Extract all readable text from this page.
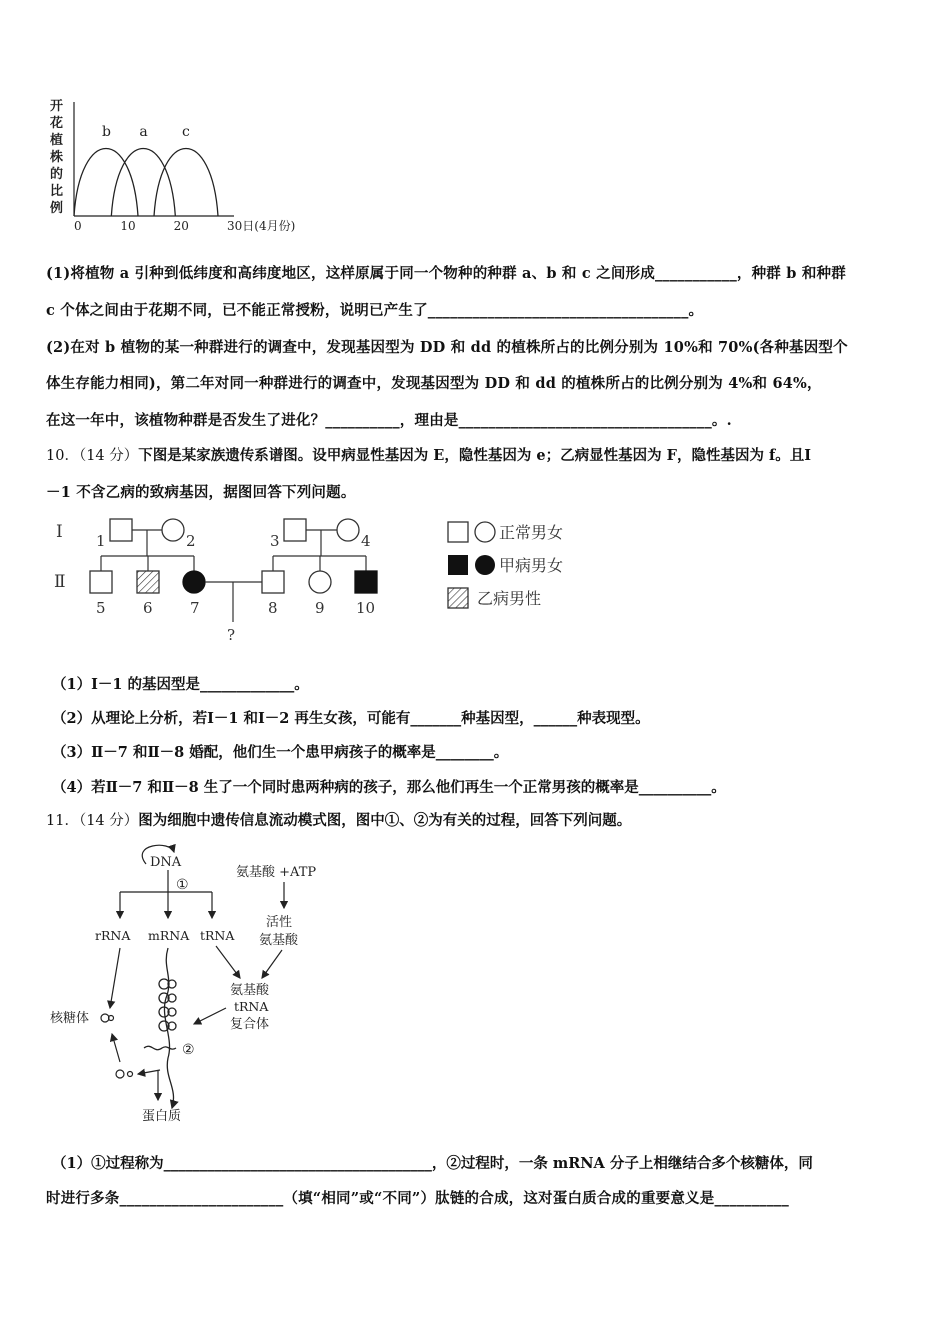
开
花
植
株
的
比
例
b a c
0	10	20	30日(4月份)
(1)将植物 a 引种到低纬度和高纬度地区，这样原属于同一个物种的种群 a、b 和 c 之间形成___________，种群 b 和种群
c 个体之间由于花期不同，已不能正常授粉，说明已产生了___________________________________。
(2)在对 b 植物的某一种群进行的调查中，发现基因型为 DD 和 dd 的植株所占的比例分别为 10%和 70%(各种基因型个
体生存能力相同)，第二年对同一种群进行的调查中，发现基因型为 DD 和 dd 的植株所占的比例分别为 4%和 64%，
在这一年中，该植物种群是否发生了进化？__________，理由是__________________________________。.
10．（14 分）下图是某家族遗传系谱图。设甲病显性基因为 E，隐性基因为 e；乙病显性基因为 F，隐性基因为 f。且Ⅰ
－1 不含乙病的致病基因，据图回答下列问题。
Ⅰ
Ⅱ
1	2	3	4
5 6 7	8 9 10
?
正常男女
甲病男女
乙病男性
（1）Ⅰ－1 的基因型是_____________。
（2）从理论上分析，若Ⅰ－1 和Ⅰ－2 再生女孩，可能有_______种基因型，______种表现型。
（3）Ⅱ－7 和Ⅱ－8 婚配，他们生一个患甲病孩子的概率是________。
（4）若Ⅱ－7 和Ⅱ－8 生了一个同时患两种病的孩子，那么他们再生一个正常男孩的概率是__________。
11．（14 分）图为细胞中遗传信息流动模式图，图中①、②为有关的过程，回答下列问题。
DNA
①
rRNA mRNA tRNA
氨基酸 +ATP
活性
氨基酸
氨基酸
tRNA
复合体
核糖体
②
蛋白质
（1）①过程称为_____________________________________，②过程时，一条 mRNA 分子上相继结合多个核糖体，同
时进行多条______________________（填“相同”或“不同”）肽链的合成，这对蛋白质合成的重要意义是__________
